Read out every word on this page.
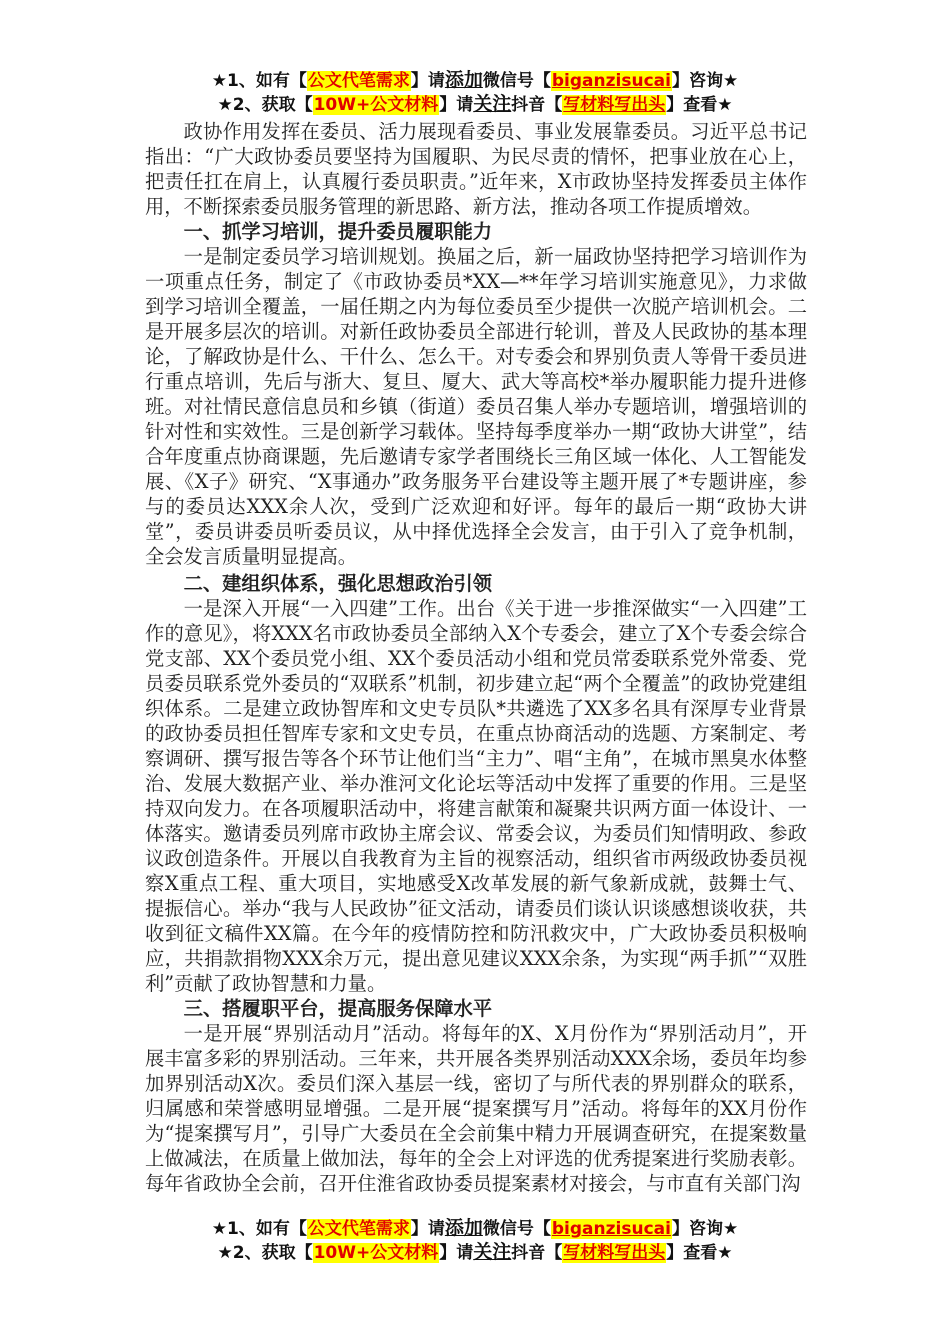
★1、如有【公文代笔需求】请添加微信号【biganzisucai】咨询★
★2、获取【10W+公文材料】请关注抖音【写材料写出头】查看★

政协作用发挥在委员、活力展现看委员、事业发展靠委员。习近平总书记指出：“广大政协委员要坚持为国履职、为民尽责的情怀，把事业放在心上，把责任扛在肩上，认真履行委员职责。”近年来，X市政协坚持发挥委员主体作用，不断探索委员服务管理的新思路、新方法，推动各项工作提质增效。

一、抓学习培训，提升委员履职能力

一是制定委员学习培训规划。换届之后，新一届政协坚持把学习培训作为一项重点任务，制定了《市政协委员*XX—**年学习培训实施意见》，力求做到学习培训全覆盖，一届任期之内为每位委员至少提供一次脱产培训机会。二是开展多层次的培训。对新任政协委员全部进行轮训，普及人民政协的基本理论，了解政协是什么、干什么、怎么干。对专委会和界别负责人等骨干委员进行重点培训，先后与浙大、复旦、厦大、武大等高校*举办履职能力提升进修班。对社情民意信息员和乡镇（街道）委员召集人举办专题培训，增强培训的针对性和实效性。三是创新学习载体。坚持每季度举办一期“政协大讲堂”，结合年度重点协商课题，先后邀请专家学者围绕长三角区域一体化、人工智能发展、《X子》研究、“X事通办”政务服务平台建设等主题开展了*专题讲座，参与的委员达XXX余人次，受到广泛欢迎和好评。每年的最后一期“政协大讲堂”，委员讲委员听委员议，从中择优选择全会发言，由于引入了竞争机制，全会发言质量明显提高。

二、建组织体系，强化思想政治引领

一是深入开展“一入四建”工作。出台《关于进一步推深做实“一入四建”工作的意见》，将XXX名市政协委员全部纳入X个专委会，建立了X个专委会综合党支部、XX个委员党小组、XX个委员活动小组和党员常委联系党外常委、党员委员联系党外委员的“双联系”机制，初步建立起“两个全覆盖”的政协党建组织体系。二是建立政协智库和文史专员队*共遴选了XX多名具有深厚专业背景的政协委员担任智库专家和文史专员，在重点协商活动的选题、方案制定、考察调研、撰写报告等各个环节让他们当“主力”、唱“主角”，在城市黑臭水体整治、发展大数据产业、举办淮河文化论坛等活动中发挥了重要的作用。三是坚持双向发力。在各项履职活动中，将建言献策和凝聚共识两方面一体设计、一体落实。邀请委员列席市政协主席会议、常委会议，为委员们知情明政、参政议政创造条件。开展以自我教育为主旨的视察活动，组织省市两级政协委员视察X重点工程、重大项目，实地感受X改革发展的新气象新成就，鼓舞士气、提振信心。举办“我与人民政协”征文活动，请委员们谈认识谈感想谈收获，共收到征文稿件XX篇。在今年的疫情防控和防汛救灾中，广大政协委员积极响应，共捐款捐物XXX余万元，提出意见建议XXX余条，为实现“两手抓”“双胜利”贡献了政协智慧和力量。

三、搭履职平台，提高服务保障水平

一是开展“界别活动月”活动。将每年的X、X月份作为“界别活动月”，开展丰富多彩的界别活动。三年来，共开展各类界别活动XXX余场，委员年均参加界别活动X次。委员们深入基层一线，密切了与所代表的界别群众的联系，归属感和荣誉感明显增强。二是开展“提案撰写月”活动。将每年的XX月份作为“提案撰写月”，引导广大委员在全会前集中精力开展调查研究，在提案数量上做减法，在质量上做加法，每年的全会上对评选的优秀提案进行奖励表彰。每年省政协全会前，召开住淮省政协委员提案素材对接会，与市直有关部门沟

★1、如有【公文代笔需求】请添加微信号【biganzisucai】咨询★
★2、获取【10W+公文材料】请关注抖音【写材料写出头】查看★
